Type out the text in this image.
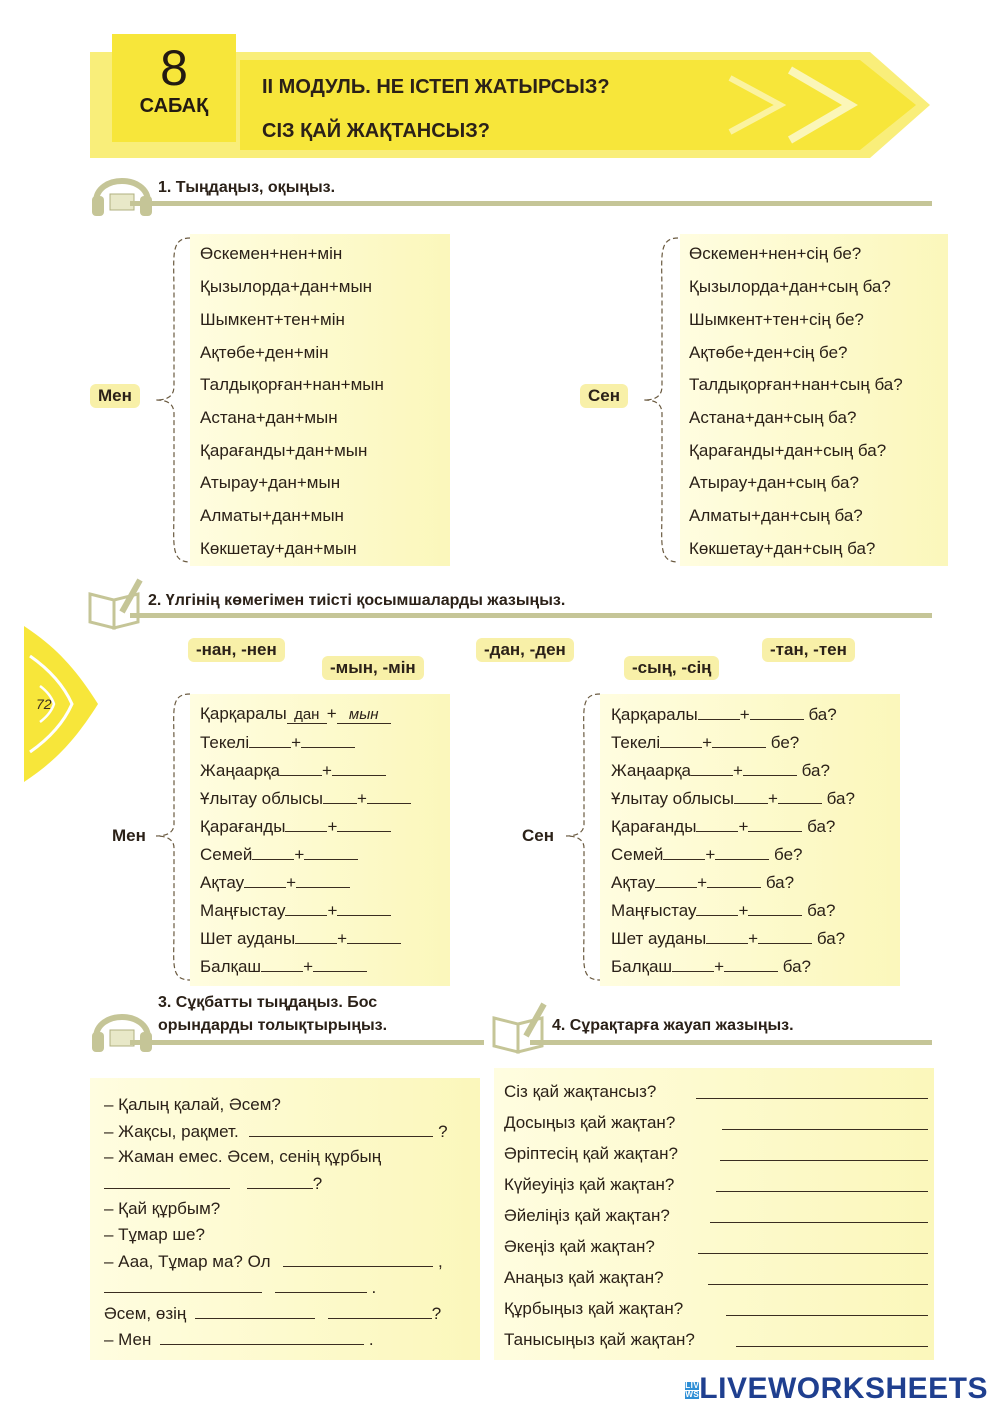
8
САБАҚ
II МОДУЛЬ. НЕ ІСТЕП ЖАТЫРСЫЗ?
СІЗ ҚАЙ ЖАҚТАНСЫЗ?
72
1. Тыңдаңыз, оқыңыз.
Мен	Сен
Өскемен+нен+мін
Қызылорда+дан+мын
Шымкент+тен+мін
Ақтөбе+ден+мін
Талдықорған+нан+мын
Астана+дан+мын
Қарағанды+дан+мын
Атырау+дан+мын
Алматы+дан+мын
Көкшетау+дан+мын
Өскемен+нен+сің бе?
Қызылорда+дан+сың ба?
Шымкент+тен+сің бе?
Ақтөбе+ден+сің бе?
Талдықорған+нан+сың ба?
Астана+дан+сың ба?
Қарағанды+дан+сың ба?
Атырау+дан+сың ба?
Алматы+дан+сың ба?
Көкшетау+дан+сың ба?
2. Үлгінің көмегімен тиісті қосымшаларды жазыңыз.
-нан, -нен
-мын, -мін
-дан, -ден
-сың, -сің
-тан, -тен
Мен	Сен
Қарқаралы дан + мын
Текелі +
Жаңаарқа +
Ұлытау облысы +
Қарағанды +
Семей +
Ақтау +
Маңғыстау +
Шет ауданы +
Балқаш +
Қарқаралы +	ба?
Текелі +	бе?
Жаңаарқа +	ба?
Ұлытау облысы +	ба?
Қарағанды +	ба?
Семей +	бе?
Ақтау +	ба?
Маңғыстау +	ба?
Шет ауданы +	ба?
Балқаш +	ба?
3. Сұқбатты тыңдаңыз. Бос
орындарды толықтырыңыз.
– Қалың қалай, Әсем?
– Жақсы, рақмет.	?
– Жаман емес. Әсем, сенің құрбың
?
– Қай құрбым?
– Тұмар ше?
– Ааа, Тұмар ма? Ол	,
.
Әсем, өзің	?
– Мен	.
4. Сұрақтарға жауап жазыңыз.
Сіз қай жақтансыз?
Досыңыз қай жақтан?
Әріптесің қай жақтан?
Күйеуіңіз қай жақтан?
Әйеліңіз қай жақтан?
Әкеңіз қай жақтан?
Анаңыз қай жақтан?
Құрбыңыз қай жақтан?
Танысыңыз қай жақтан?
LIVE
WS LIVEWORKSHEETS
